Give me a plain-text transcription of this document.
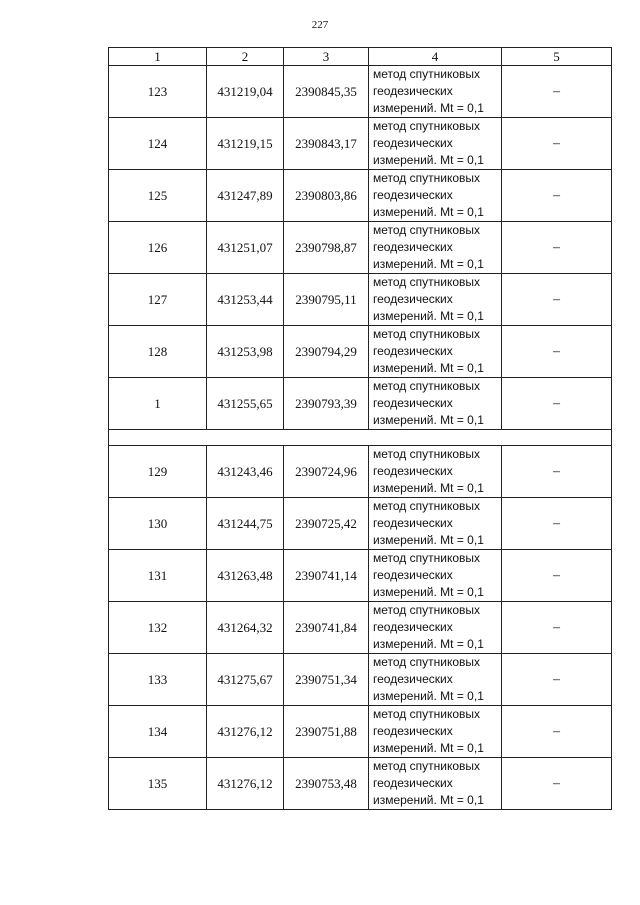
227
1	2	3	4	5
123	431219,04	2390845,35	метод спутниковых
геодезических
измерений. Mt = 0,1	–
124	431219,15	2390843,17	метод спутниковых
геодезических
измерений. Mt = 0,1	–
125	431247,89	2390803,86	метод спутниковых
геодезических
измерений. Mt = 0,1	–
126	431251,07	2390798,87	метод спутниковых
геодезических
измерений. Mt = 0,1	–
127	431253,44	2390795,11	метод спутниковых
геодезических
измерений. Mt = 0,1	–
128	431253,98	2390794,29	метод спутниковых
геодезических
измерений. Mt = 0,1	–
1	431255,65	2390793,39	метод спутниковых
геодезических
измерений. Mt = 0,1	–

129	431243,46	2390724,96	метод спутниковых
геодезических
измерений. Mt = 0,1	–
130	431244,75	2390725,42	метод спутниковых
геодезических
измерений. Mt = 0,1	–
131	431263,48	2390741,14	метод спутниковых
геодезических
измерений. Mt = 0,1	–
132	431264,32	2390741,84	метод спутниковых
геодезических
измерений. Mt = 0,1	–
133	431275,67	2390751,34	метод спутниковых
геодезических
измерений. Mt = 0,1	–
134	431276,12	2390751,88	метод спутниковых
геодезических
измерений. Mt = 0,1	–
135	431276,12	2390753,48	метод спутниковых
геодезических
измерений. Mt = 0,1	–
